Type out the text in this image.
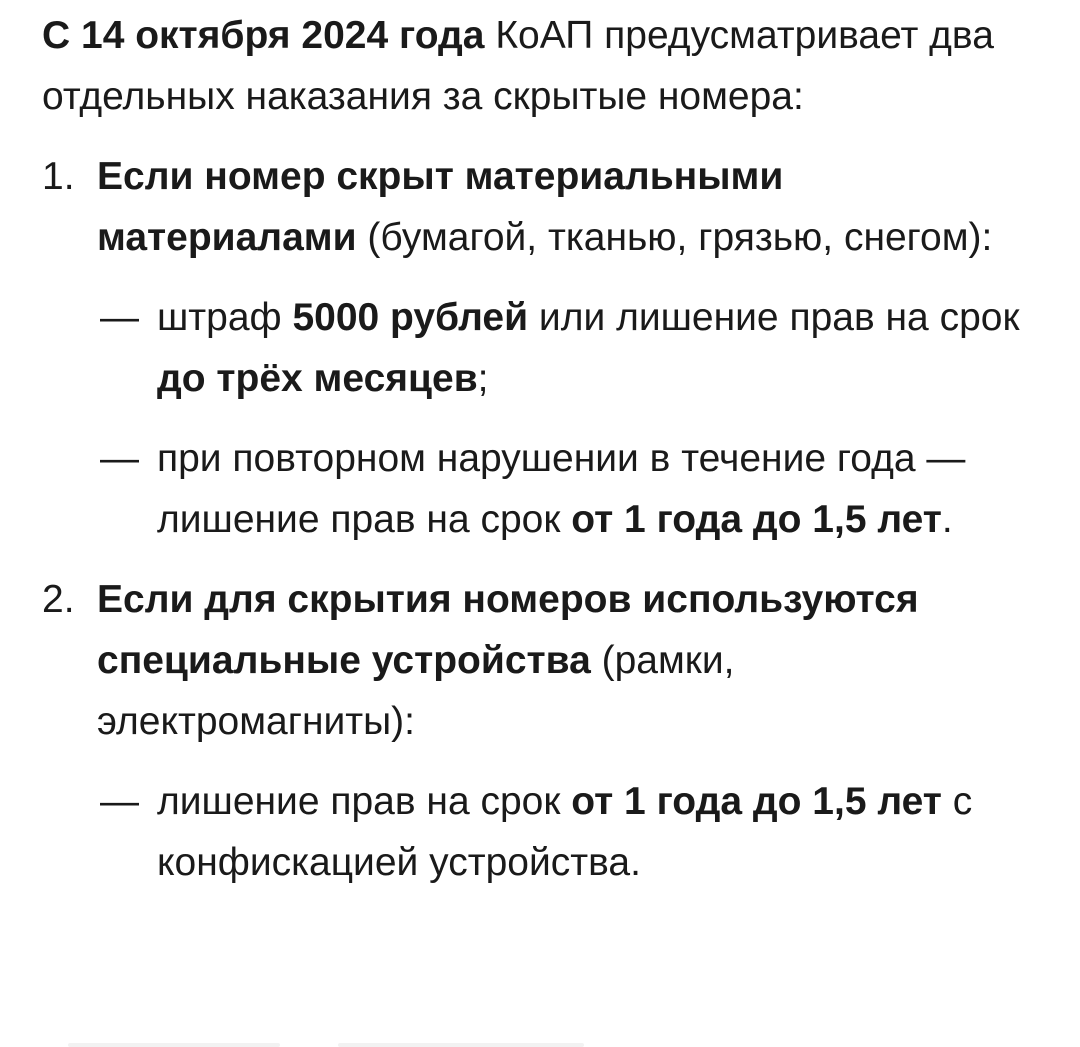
С 14 октября 2024 года КоАП предусматривает два отдельных наказания за скрытые номера:

1. Если номер скрыт материальными материалами (бумагой, тканью, грязью, снегом):
— штраф 5000 рублей или лишение прав на срок до трёх месяцев;
— при повторном нарушении в течение года — лишение прав на срок от 1 года до 1,5 лет.
2. Если для скрытия номеров используются специальные устройства (рамки, электромагниты):
— лишение прав на срок от 1 года до 1,5 лет с конфискацией устройства.
